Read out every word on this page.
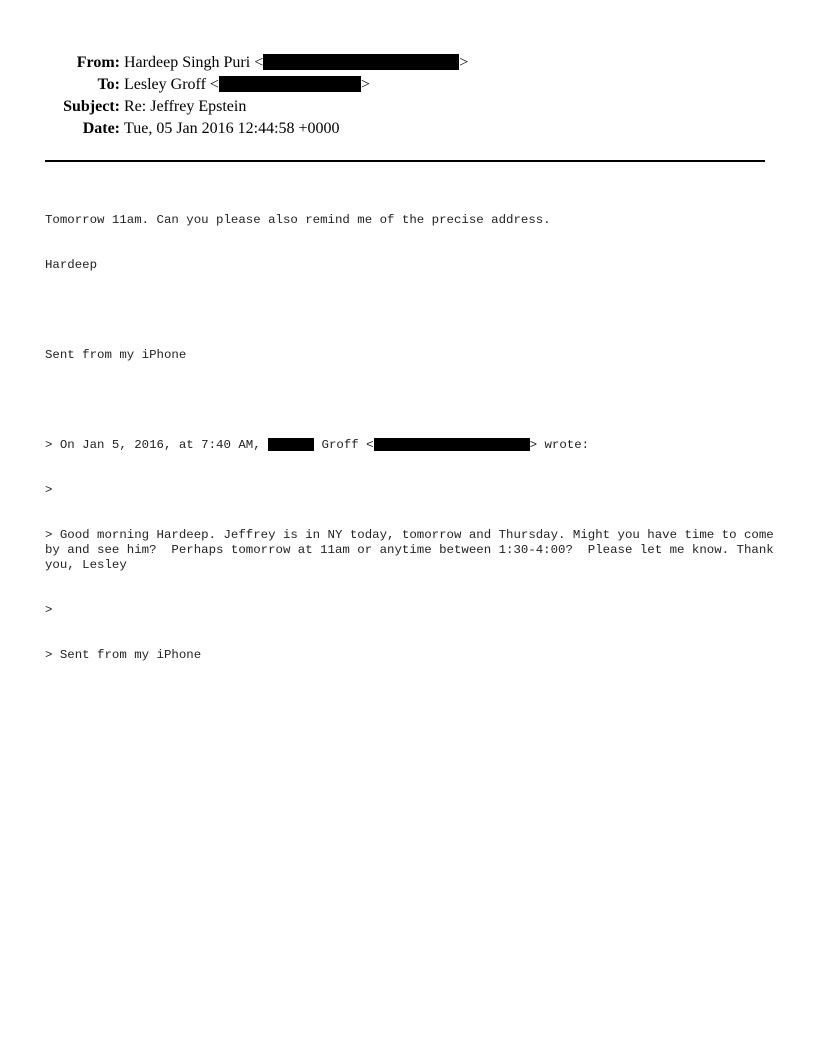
From: Hardeep Singh Puri <	>
To: Lesley Groff <	>
Subject: Re: Jeffrey Epstein
Date: Tue, 05 Jan 2016 12:44:58 +0000

Tomorrow 11am. Can you please also remind me of the precise address.

Hardeep

Sent from my iPhone

> On Jan 5, 2016, at 7:40 AM,	Groff <	> wrote:

>

> Good morning Hardeep. Jeffrey is in NY today, tomorrow and Thursday. Might you have time to come by and see him?  Perhaps tomorrow at 11am or anytime between 1:30-4:00?  Please let me know. Thank you, Lesley

>

> Sent from my iPhone
